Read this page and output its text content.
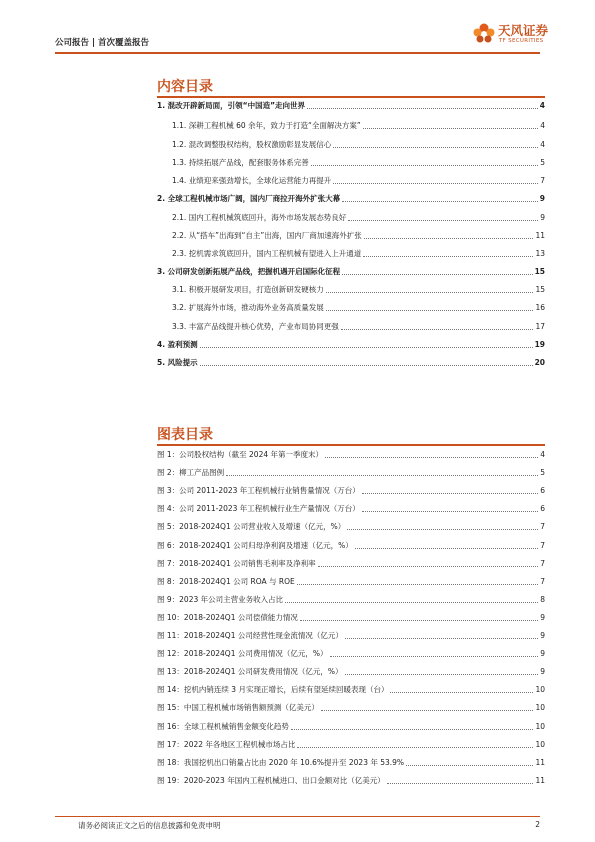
公司报告 | 首次覆盖报告
天风证券
TF SECURITIES
内容目录
1. 混改开辟新局面，引领“中国造”走向世界	4
1.1. 深耕工程机械 60 余年，致力于打造“全面解决方案”	4
1.2. 混改调整股权结构，股权激励彰显发展信心	4
1.3. 持续拓展产品线，配套服务体系完善	5
1.4. 业绩迎来强劲增长，全球化运营能力再提升	7
2. 全球工程机械市场广阔，国内厂商拉开海外扩张大幕	9
2.1. 国内工程机械筑底回升，海外市场发展态势良好	9
2.2. 从“搭车”出海到“自主”出海，国内厂商加速海外扩张	11
2.3. 挖机需求筑底回升，国内工程机械有望进入上升通道	13
3. 公司研发创新拓展产品线，把握机遇开启国际化征程	15
3.1. 积极开展研发项目，打造创新研发硬核力	15
3.2. 扩展海外市场，推动海外业务高质量发展	16
3.3. 丰富产品线提升核心优势，产业布局协同更强	17
4. 盈利预测	19
5. 风险提示	20
图表目录
图 1：公司股权结构（截至 2024 年第一季度末）	4
图 2：柳工产品图例	5
图 3：公司 2011-2023 年工程机械行业销售量情况（万台）	6
图 4：公司 2011-2023 年工程机械行业生产量情况（万台）	6
图 5：2018-2024Q1 公司营业收入及增速（亿元，%）	7
图 6：2018-2024Q1 公司归母净利润及增速（亿元，%）	7
图 7：2018-2024Q1 公司销售毛利率及净利率	7
图 8：2018-2024Q1 公司 ROA 与 ROE	7
图 9：2023 年公司主营业务收入占比	8
图 10：2018-2024Q1 公司偿债能力情况	9
图 11：2018-2024Q1 公司经营性现金流情况（亿元）	9
图 12：2018-2024Q1 公司费用情况（亿元，%）	9
图 13：2018-2024Q1 公司研发费用情况（亿元，%）	9
图 14：挖机内销连续 3 月实现正增长，后续有望延续回暖表现（台）	10
图 15：中国工程机械市场销售额预测（亿美元）	10
图 16：全球工程机械销售金额变化趋势	10
图 17：2022 年各地区工程机械市场占比	10
图 18：我国挖机出口销量占比由 2020 年 10.6%提升至 2023 年 53.9%	11
图 19：2020-2023 年国内工程机械进口、出口金额对比（亿美元）	11
请务必阅读正文之后的信息披露和免责申明	2
